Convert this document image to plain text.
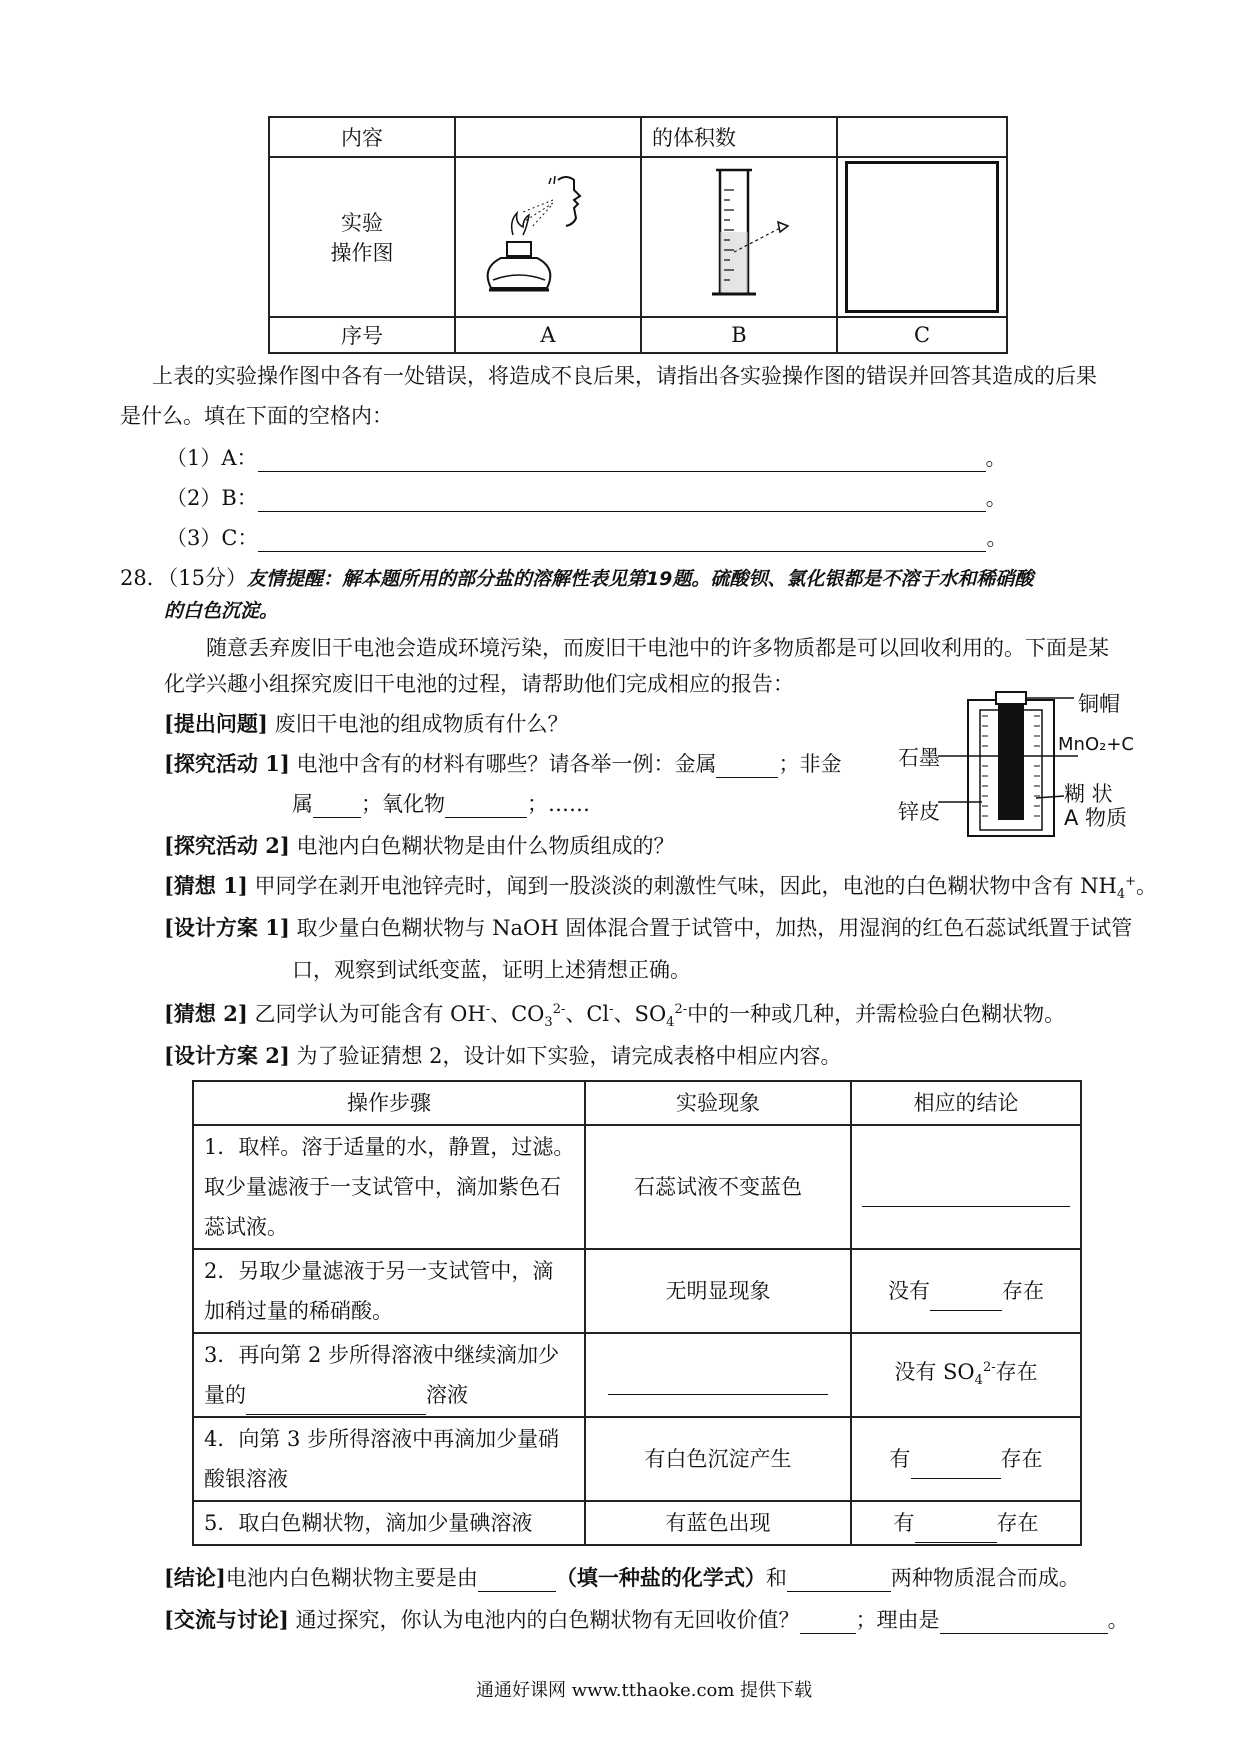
内容		的体积数	
实验
操作图			

序号	A	B	C
上表的实验操作图中各有一处错误，将造成不良后果，请指出各实验操作图的错误并回答其造成的后果
是什么。填在下面的空格内：
（1）A：	。
（2）B：	。
（3）C：	。
28．（15分）友情提醒：解本题所用的部分盐的溶解性表见第19题。硫酸钡、氯化银都是不溶于水和稀硝酸
的白色沉淀。
随意丢弃废旧干电池会造成环境污染，而废旧干电池中的许多物质都是可以回收利用的。下面是某
化学兴趣小组探究废旧干电池的过程，请帮助他们完成相应的报告：
[提出问题] 废旧干电池的组成物质有什么？
[探究活动 1] 电池中含有的材料有哪些？请各举一例：金属	；非金
属 ；氧化物	；……
[探究活动 2] 电池内白色糊状物是由什么物质组成的？
铜帽
MnO₂+C
石墨
糊 状
A 物质
锌皮
[猜想 1] 甲同学在剥开电池锌壳时，闻到一股淡淡的刺激性气味，因此，电池的白色糊状物中含有 $NH_4^+$。
[设计方案 1] 取少量白色糊状物与 NaOH 固体混合置于试管中，加热，用湿润的红色石蕊试纸置于试管
口，观察到试纸变蓝，证明上述猜想正确。
[猜想 2] 乙同学认为可能含有 OH-、$CO_3^{2-}$、Cl-、$SO_4^{2-}$中的一种或几种，并需检验白色糊状物。
[设计方案 2] 为了验证猜想 2，设计如下实验，请完成表格中相应内容。
操作步骤	实验现象	相应的结论
1．取样。溶于适量的水，静置，过滤。
取少量滤液于一支试管中，滴加紫色石
蕊试液。	石蕊试液不变蓝色	
2．另取少量滤液于另一支试管中，滴
加稍过量的稀硝酸。	无明显现象	没有 存在
3．再向第 2 步所得溶液中继续滴加少
量的 溶液		没有 $SO_4^{2-}$存在
4．向第 3 步所得溶液中再滴加少量硝
酸银溶液	有白色沉淀产生	有 存在
5．取白色糊状物，滴加少量碘溶液	有蓝色出现	有 存在
[结论]电池内白色糊状物主要是由	（填一种盐的化学式）和	两种物质混合而成。
[交流与讨论] 通过探究，你认为电池内的白色糊状物有无回收价值？	；理由是	。
通通好课网 www.tthaoke.com 提供下载
